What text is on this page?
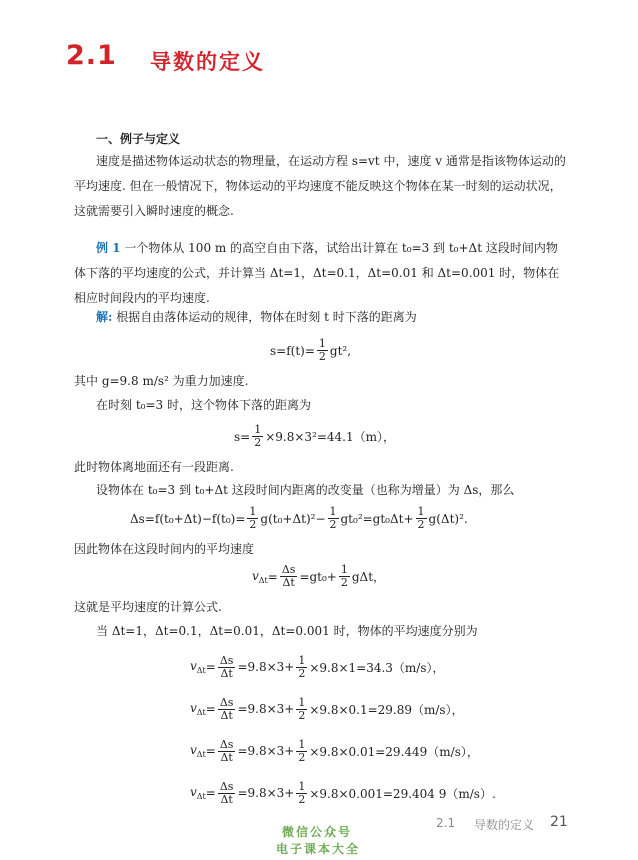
2.1 导数的定义
一、例子与定义
速度是描述物体运动状态的物理量，在运动方程 s=vt 中，速度 v 通常是指该物体运动的平均速度. 但在一般情况下，物体运动的平均速度不能反映这个物体在某一时刻的运动状况，这就需要引入瞬时速度的概念.
例 1 一个物体从 100 m 的高空自由下落，试给出计算在 t₀=3 到 t₀+Δt 这段时间内物体下落的平均速度的公式，并计算当 Δt=1，Δt=0.1，Δt=0.01 和 Δt=0.001 时，物体在相应时间段内的平均速度.
解: 根据自由落体运动的规律，物体在时刻 t 时下落的距离为
$s=f(t)= \frac{1}{2} gt^2$,
其中 g=9.8 m/s² 为重力加速度.
在时刻 t₀=3 时，这个物体下落的距离为
$s= \frac{1}{2} \times 9.8\times 3^2=44.1(m)$，
此时物体离地面还有一段距离.
设物体在 t₀=3 到 t₀+Δt 这段时间内距离的改变量（也称为增量）为 Δs，那么
$\Delta s=f(t_0+\Delta t)-f(t_0)= \frac{1}{2} g(t_0+\Delta t)^2- \frac{1}{2} gt_0^2=gt_0\Delta t+ \frac{1}{2} g(\Delta t)^2$.
因此物体在这段时间内的平均速度
$v_{\Delta t} = \frac{\Delta s}{\Delta t} =gt_0+ \frac{1}{2}$ gΔt，
这就是平均速度的计算公式.
当 Δt=1，Δt=0.1，Δt=0.01，Δt=0.001 时，物体的平均速度分别为
$v_{\Delta t} = \frac{\Delta s}{\Delta t} =9.8\times 3+ \frac{1}{2} \times 9.8\times 1=34.3(m/s)$，
$v_{\Delta t} = \frac{\Delta s}{\Delta t} =9.8\times 3+ \frac{1}{2} \times 9.8\times 0.1=29.89(m/s)$，
$v_{\Delta t} = \frac{\Delta s}{\Delta t} =9.8\times 3+ \frac{1}{2} \times 9.8\times 0.01=29.449(m/s)$，
$v_{\Delta t} = \frac{\Delta s}{\Delta t} =9.8\times 3+ \frac{1}{2} \times 9.8\times 0.001=29.404$ 9（m/s）.
2.1 导数的定义 21
微信公众号
电子课本大全
